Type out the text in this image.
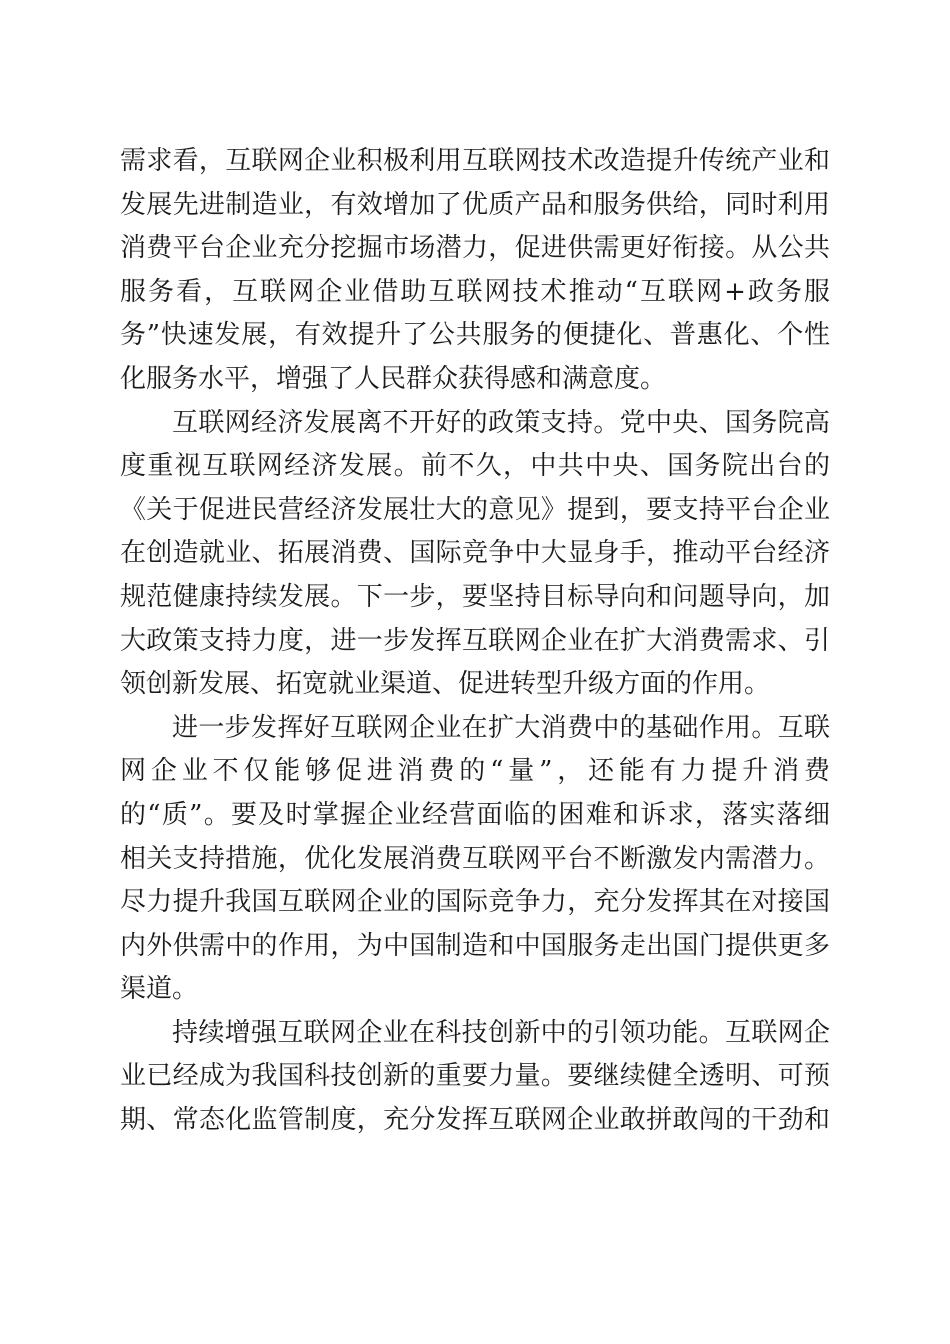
需求看，互联网企业积极利用互联网技术改造提升传统产业和
发展先进制造业，有效增加了优质产品和服务供给，同时利用
消费平台企业充分挖掘市场潜力，促进供需更好衔接。从公共
服务看，互联网企业借助互联网技术推动“互联网+政务服
务”快速发展，有效提升了公共服务的便捷化、普惠化、个性
化服务水平，增强了人民群众获得感和满意度。
互联网经济发展离不开好的政策支持。党中央、国务院高
度重视互联网经济发展。前不久，中共中央、国务院出台的
《关于促进民营经济发展壮大的意见》提到，要支持平台企业
在创造就业、拓展消费、国际竞争中大显身手，推动平台经济
规范健康持续发展。下一步，要坚持目标导向和问题导向，加
大政策支持力度，进一步发挥互联网企业在扩大消费需求、引
领创新发展、拓宽就业渠道、促进转型升级方面的作用。
进一步发挥好互联网企业在扩大消费中的基础作用。互联
网企业不仅能够促进消费的“量”，还能有力提升消费
的“质”。要及时掌握企业经营面临的困难和诉求，落实落细
相关支持措施，优化发展消费互联网平台不断激发内需潜力。
尽力提升我国互联网企业的国际竞争力，充分发挥其在对接国
内外供需中的作用，为中国制造和中国服务走出国门提供更多
渠道。
持续增强互联网企业在科技创新中的引领功能。互联网企
业已经成为我国科技创新的重要力量。要继续健全透明、可预
期、常态化监管制度，充分发挥互联网企业敢拼敢闯的干劲和
